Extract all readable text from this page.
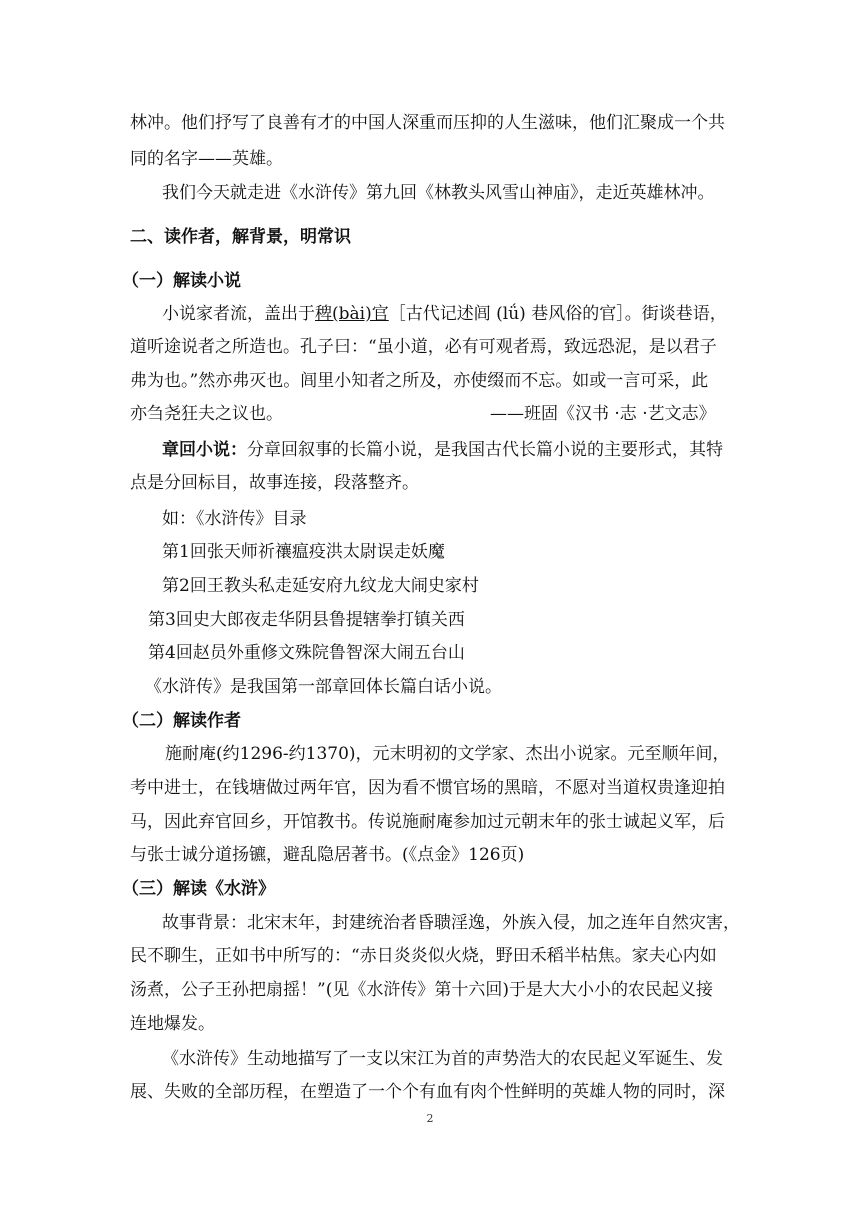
林冲。他们抒写了良善有才的中国人深重而压抑的人生滋味，他们汇聚成一个共
同的名字——英雄。
我们今天就走进《水浒传》第九回《林教头风雪山神庙》，走近英雄林冲。
二、读作者，解背景，明常识
（一）解读小说
小说家者流，盖出于稗(bài)官［古代记述闾 (lǘ) 巷风俗的官］。街谈巷语，
道听途说者之所造也。孔子曰：“虽小道，必有可观者焉，致远恐泥，是以君子
弗为也。”然亦弗灭也。闾里小知者之所及，亦使缀而不忘。如或一言可采，此
亦刍尧狂夫之议也。	——班固《汉书 ·志 ·艺文志》
章回小说：分章回叙事的长篇小说，是我国古代长篇小说的主要形式，其特
点是分回标目，故事连接，段落整齐。
如：《水浒传》目录
第1回张天师祈禳瘟疫洪太尉误走妖魔
第2回王教头私走延安府九纹龙大闹史家村
第3回史大郎夜走华阴县鲁提辖拳打镇关西
第4回赵员外重修文殊院鲁智深大闹五台山
《水浒传》是我国第一部章回体长篇白话小说。
（二）解读作者
施耐庵(约1296-约1370)，元末明初的文学家、杰出小说家。元至顺年间，
考中进士，在钱塘做过两年官，因为看不惯官场的黑暗，不愿对当道权贵逢迎拍
马，因此弃官回乡，开馆教书。传说施耐庵参加过元朝末年的张士诚起义军，后
与张士诚分道扬镳，避乱隐居著书。(《点金》126页)
（三）解读《水浒》
故事背景：北宋末年，封建统治者昏聩淫逸，外族入侵，加之连年自然灾害，
民不聊生，正如书中所写的：“赤日炎炎似火烧，野田禾稻半枯焦。家夫心内如
汤煮，公子王孙把扇摇！”(见《水浒传》第十六回)于是大大小小的农民起义接
连地爆发。
《水浒传》生动地描写了一支以宋江为首的声势浩大的农民起义军诞生、发
展、失败的全部历程，在塑造了一个个有血有肉个性鲜明的英雄人物的同时，深
2
